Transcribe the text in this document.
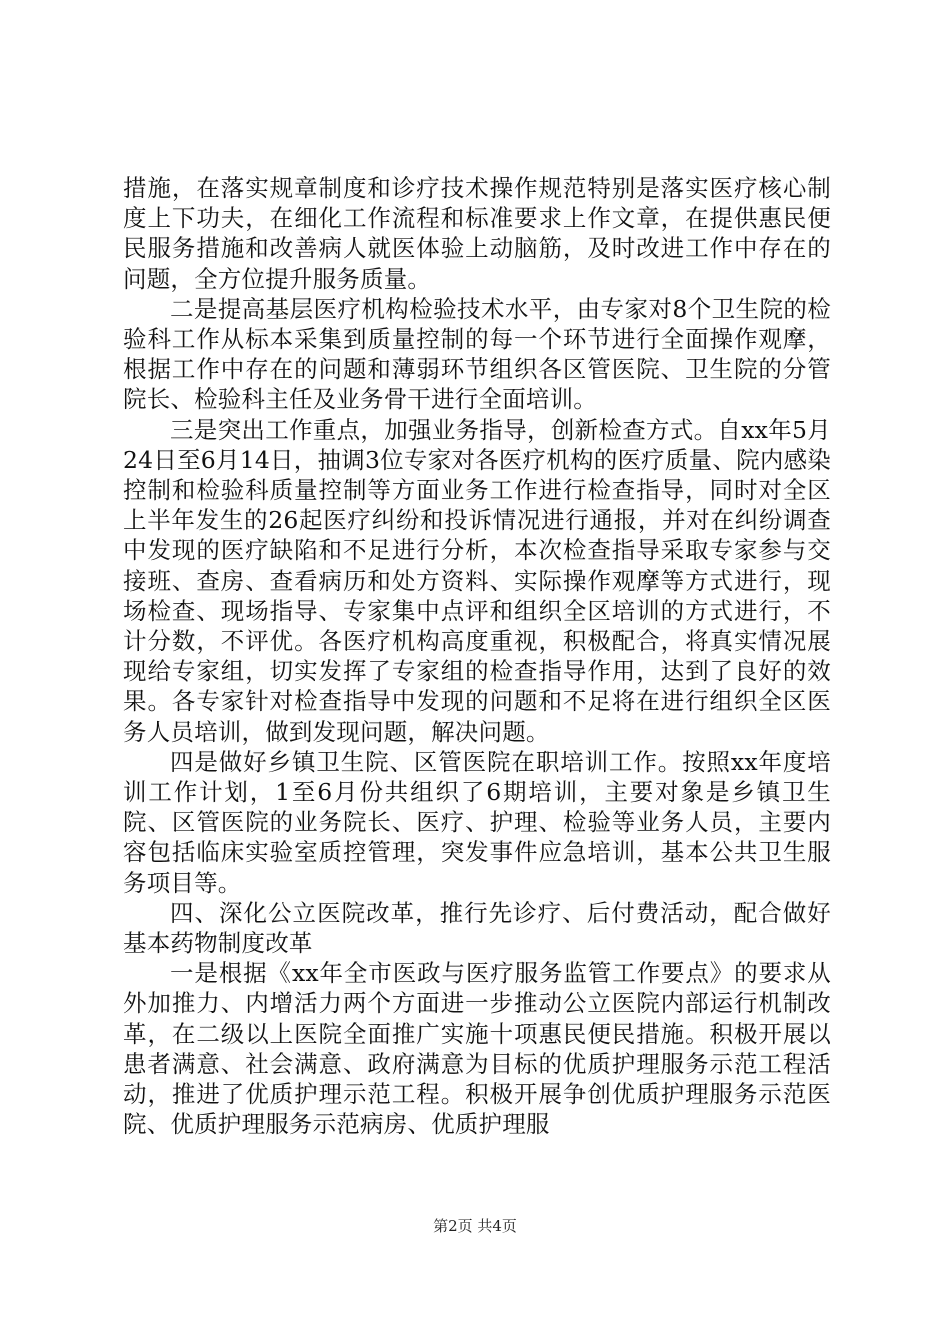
措施，在落实规章制度和诊疗技术操作规范特别是落实医疗核心制度上下功夫，在细化工作流程和标准要求上作文章，在提供惠民便民服务措施和改善病人就医体验上动脑筋，及时改进工作中存在的问题，全方位提升服务质量。

二是提高基层医疗机构检验技术水平，由专家对8个卫生院的检验科工作从标本采集到质量控制的每一个环节进行全面操作观摩，根据工作中存在的问题和薄弱环节组织各区管医院、卫生院的分管院长、检验科主任及业务骨干进行全面培训。

三是突出工作重点，加强业务指导，创新检查方式。自xx年5月24日至6月14日，抽调3位专家对各医疗机构的医疗质量、院内感染控制和检验科质量控制等方面业务工作进行检查指导，同时对全区上半年发生的26起医疗纠纷和投诉情况进行通报，并对在纠纷调查中发现的医疗缺陷和不足进行分析，本次检查指导采取专家参与交接班、查房、查看病历和处方资料、实际操作观摩等方式进行，现场检查、现场指导、专家集中点评和组织全区培训的方式进行，不计分数，不评优。各医疗机构高度重视，积极配合，将真实情况展现给专家组，切实发挥了专家组的检查指导作用，达到了良好的效果。各专家针对检查指导中发现的问题和不足将在进行组织全区医务人员培训，做到发现问题，解决问题。

四是做好乡镇卫生院、区管医院在职培训工作。按照xx年度培训工作计划，1至6月份共组织了6期培训，主要对象是乡镇卫生院、区管医院的业务院长、医疗、护理、检验等业务人员，主要内容包括临床实验室质控管理，突发事件应急培训，基本公共卫生服务项目等。

四、深化公立医院改革，推行先诊疗、后付费活动，配合做好基本药物制度改革

一是根据《xx年全市医政与医疗服务监管工作要点》的要求从外加推力、内增活力两个方面进一步推动公立医院内部运行机制改革，在二级以上医院全面推广实施十项惠民便民措施。积极开展以患者满意、社会满意、政府满意为目标的优质护理服务示范工程活动，推进了优质护理示范工程。积极开展争创优质护理服务示范医院、优质护理服务示范病房、优质护理服

第2页 共4页
